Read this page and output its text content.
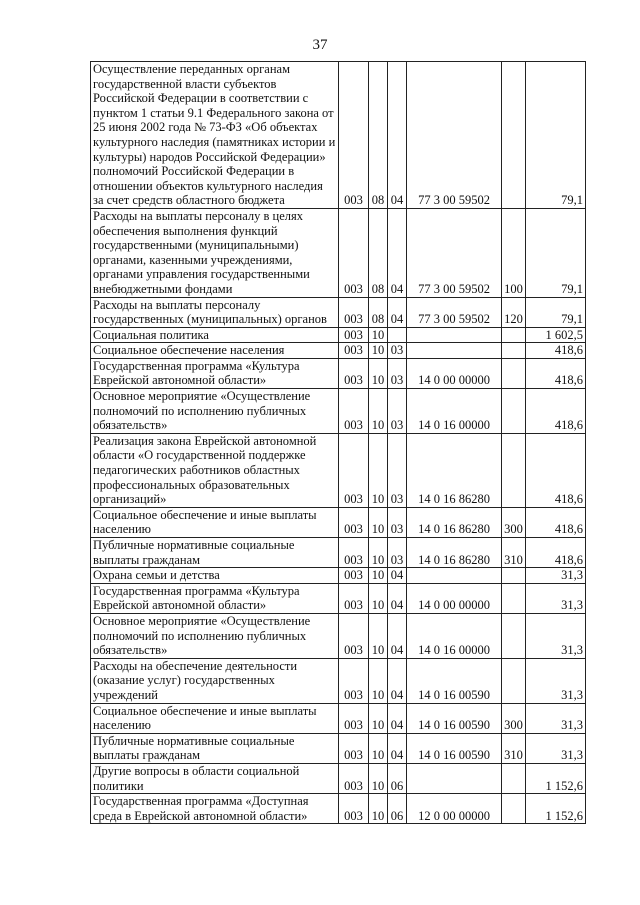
37
Осуществление переданных органам государственной власти субъектов Российской Федерации в соответствии с пунктом 1 статьи 9.1 Федерального закона от 25 июня 2002 года № 73-ФЗ «Об объектах культурного наследия (памятниках истории и культуры) народов Российской Федерации» полномочий Российской Федерации в отношении объектов культурного наследия за счет средств областного бюджета	003	08	04	77 3 00 59502		79,1
Расходы на выплаты персоналу в целях обеспечения выполнения функций государственными (муниципальными) органами, казенными учреждениями, органами управления государственными внебюджетными фондами	003	08	04	77 3 00 59502	100	79,1
Расходы на выплаты персоналу государственных (муниципальных) органов	003	08	04	77 3 00 59502	120	79,1
Социальная политика	003	10				1 602,5
Социальное обеспечение населения	003	10	03			418,6
Государственная программа «Культура Еврейской автономной области»	003	10	03	14 0 00 00000		418,6
Основное мероприятие «Осуществление полномочий по исполнению публичных обязательств»	003	10	03	14 0 16 00000		418,6
Реализация закона Еврейской автономной области «О государственной поддержке педагогических работников областных профессиональных образовательных организаций»	003	10	03	14 0 16 86280		418,6
Социальное обеспечение и иные выплаты населению	003	10	03	14 0 16 86280	300	418,6
Публичные нормативные социальные выплаты гражданам	003	10	03	14 0 16 86280	310	418,6
Охрана семьи и детства	003	10	04			31,3
Государственная программа «Культура Еврейской автономной области»	003	10	04	14 0 00 00000		31,3
Основное мероприятие «Осуществление полномочий по исполнению публичных обязательств»	003	10	04	14 0 16 00000		31,3
Расходы на обеспечение деятельности (оказание услуг) государственных учреждений	003	10	04	14 0 16 00590		31,3
Социальное обеспечение и иные выплаты населению	003	10	04	14 0 16 00590	300	31,3
Публичные нормативные социальные выплаты гражданам	003	10	04	14 0 16 00590	310	31,3
Другие вопросы в области социальной политики	003	10	06			1 152,6
Государственная программа «Доступная среда в Еврейской автономной области»	003	10	06	12 0 00 00000		1 152,6
